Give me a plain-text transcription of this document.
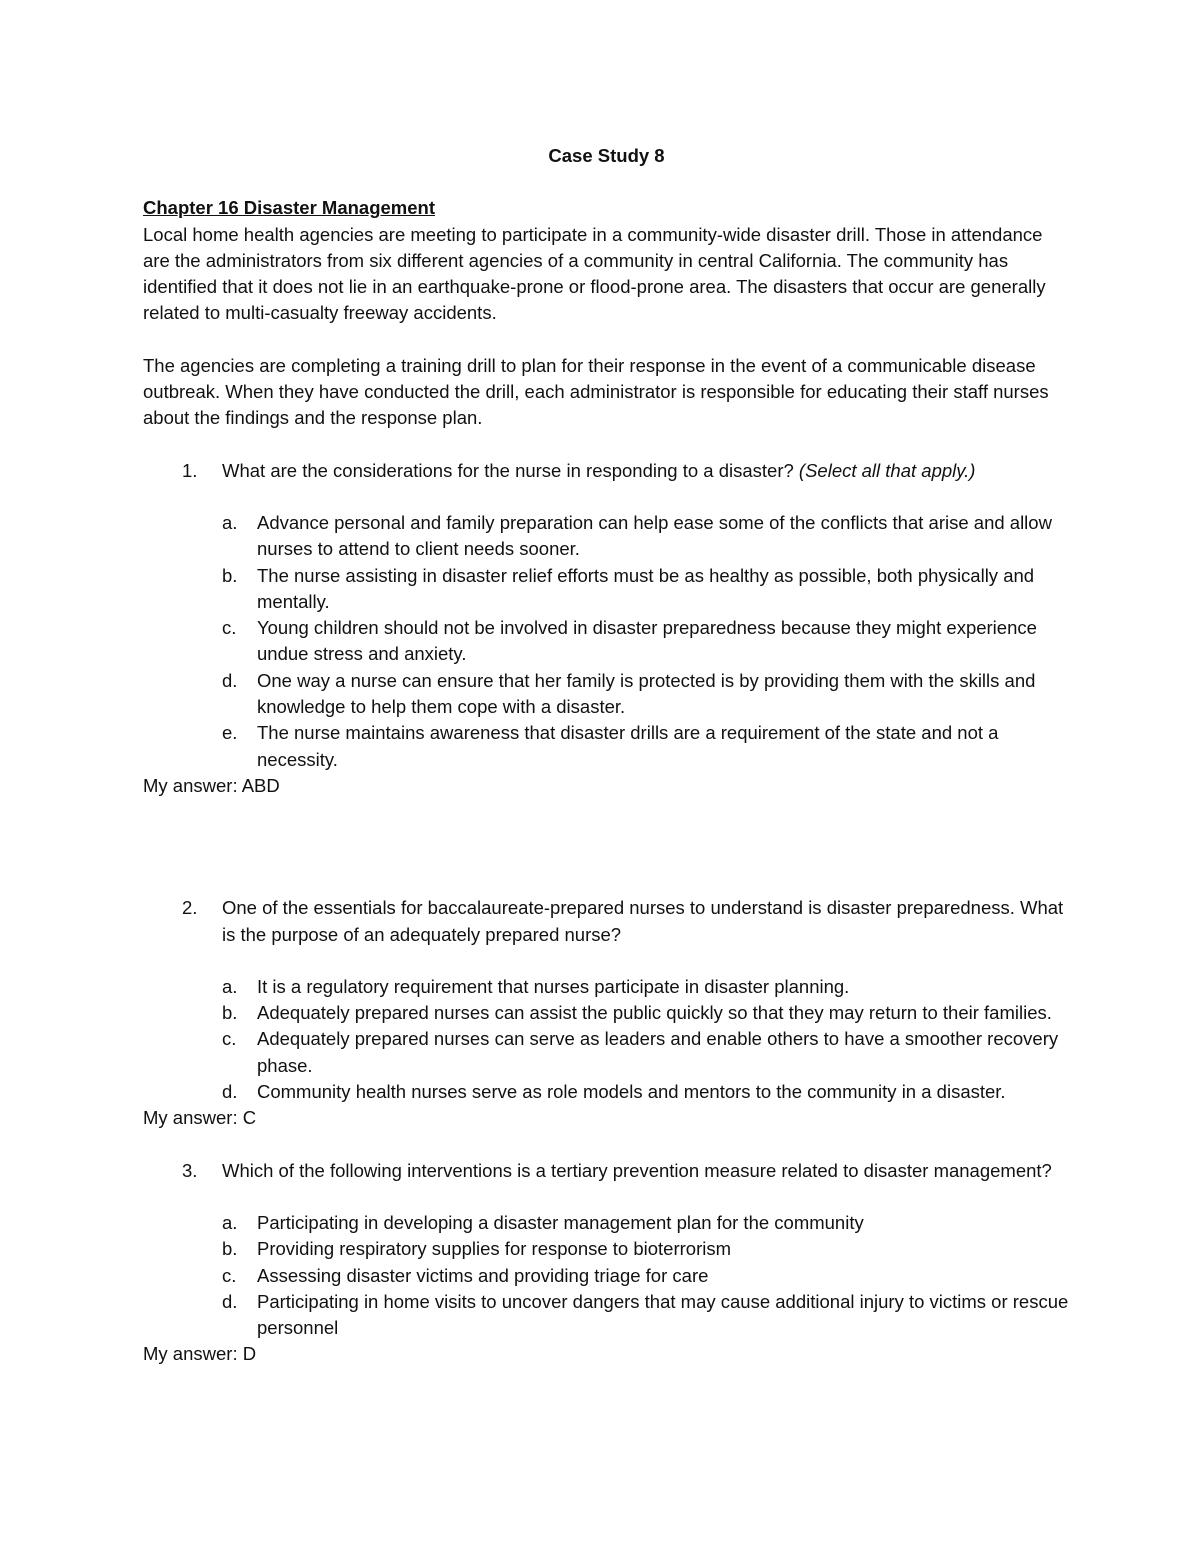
Case Study 8

Chapter 16 Disaster Management

Local home health agencies are meeting to participate in a community-wide disaster drill. Those in attendance are the administrators from six different agencies of a community in central California. The community has identified that it does not lie in an earthquake-prone or flood-prone area. The disasters that occur are generally related to multi-casualty freeway accidents.

The agencies are completing a training drill to plan for their response in the event of a communicable disease outbreak. When they have conducted the drill, each administrator is responsible for educating their staff nurses about the findings and the response plan.

1.	What are the considerations for the nurse in responding to a disaster? (Select all that apply.)
a.	Advance personal and family preparation can help ease some of the conflicts that arise and allow nurses to attend to client needs sooner.
b.	The nurse assisting in disaster relief efforts must be as healthy as possible, both physically and mentally.
c.	Young children should not be involved in disaster preparedness because they might experience undue stress and anxiety.
d.	One way a nurse can ensure that her family is protected is by providing them with the skills and knowledge to help them cope with a disaster.
e.	The nurse maintains awareness that disaster drills are a requirement of the state and not a necessity.

My answer: ABD

2.	One of the essentials for baccalaureate-prepared nurses to understand is disaster preparedness. What is the purpose of an adequately prepared nurse?
a.	It is a regulatory requirement that nurses participate in disaster planning.
b.	Adequately prepared nurses can assist the public quickly so that they may return to their families.
c.	Adequately prepared nurses can serve as leaders and enable others to have a smoother recovery phase.
d.	Community health nurses serve as role models and mentors to the community in a disaster.

My answer: C

3.	Which of the following interventions is a tertiary prevention measure related to disaster management?
a.	Participating in developing a disaster management plan for the community
b.	Providing respiratory supplies for response to bioterrorism
c.	Assessing disaster victims and providing triage for care
d.	Participating in home visits to uncover dangers that may cause additional injury to victims or rescue personnel

My answer: D
